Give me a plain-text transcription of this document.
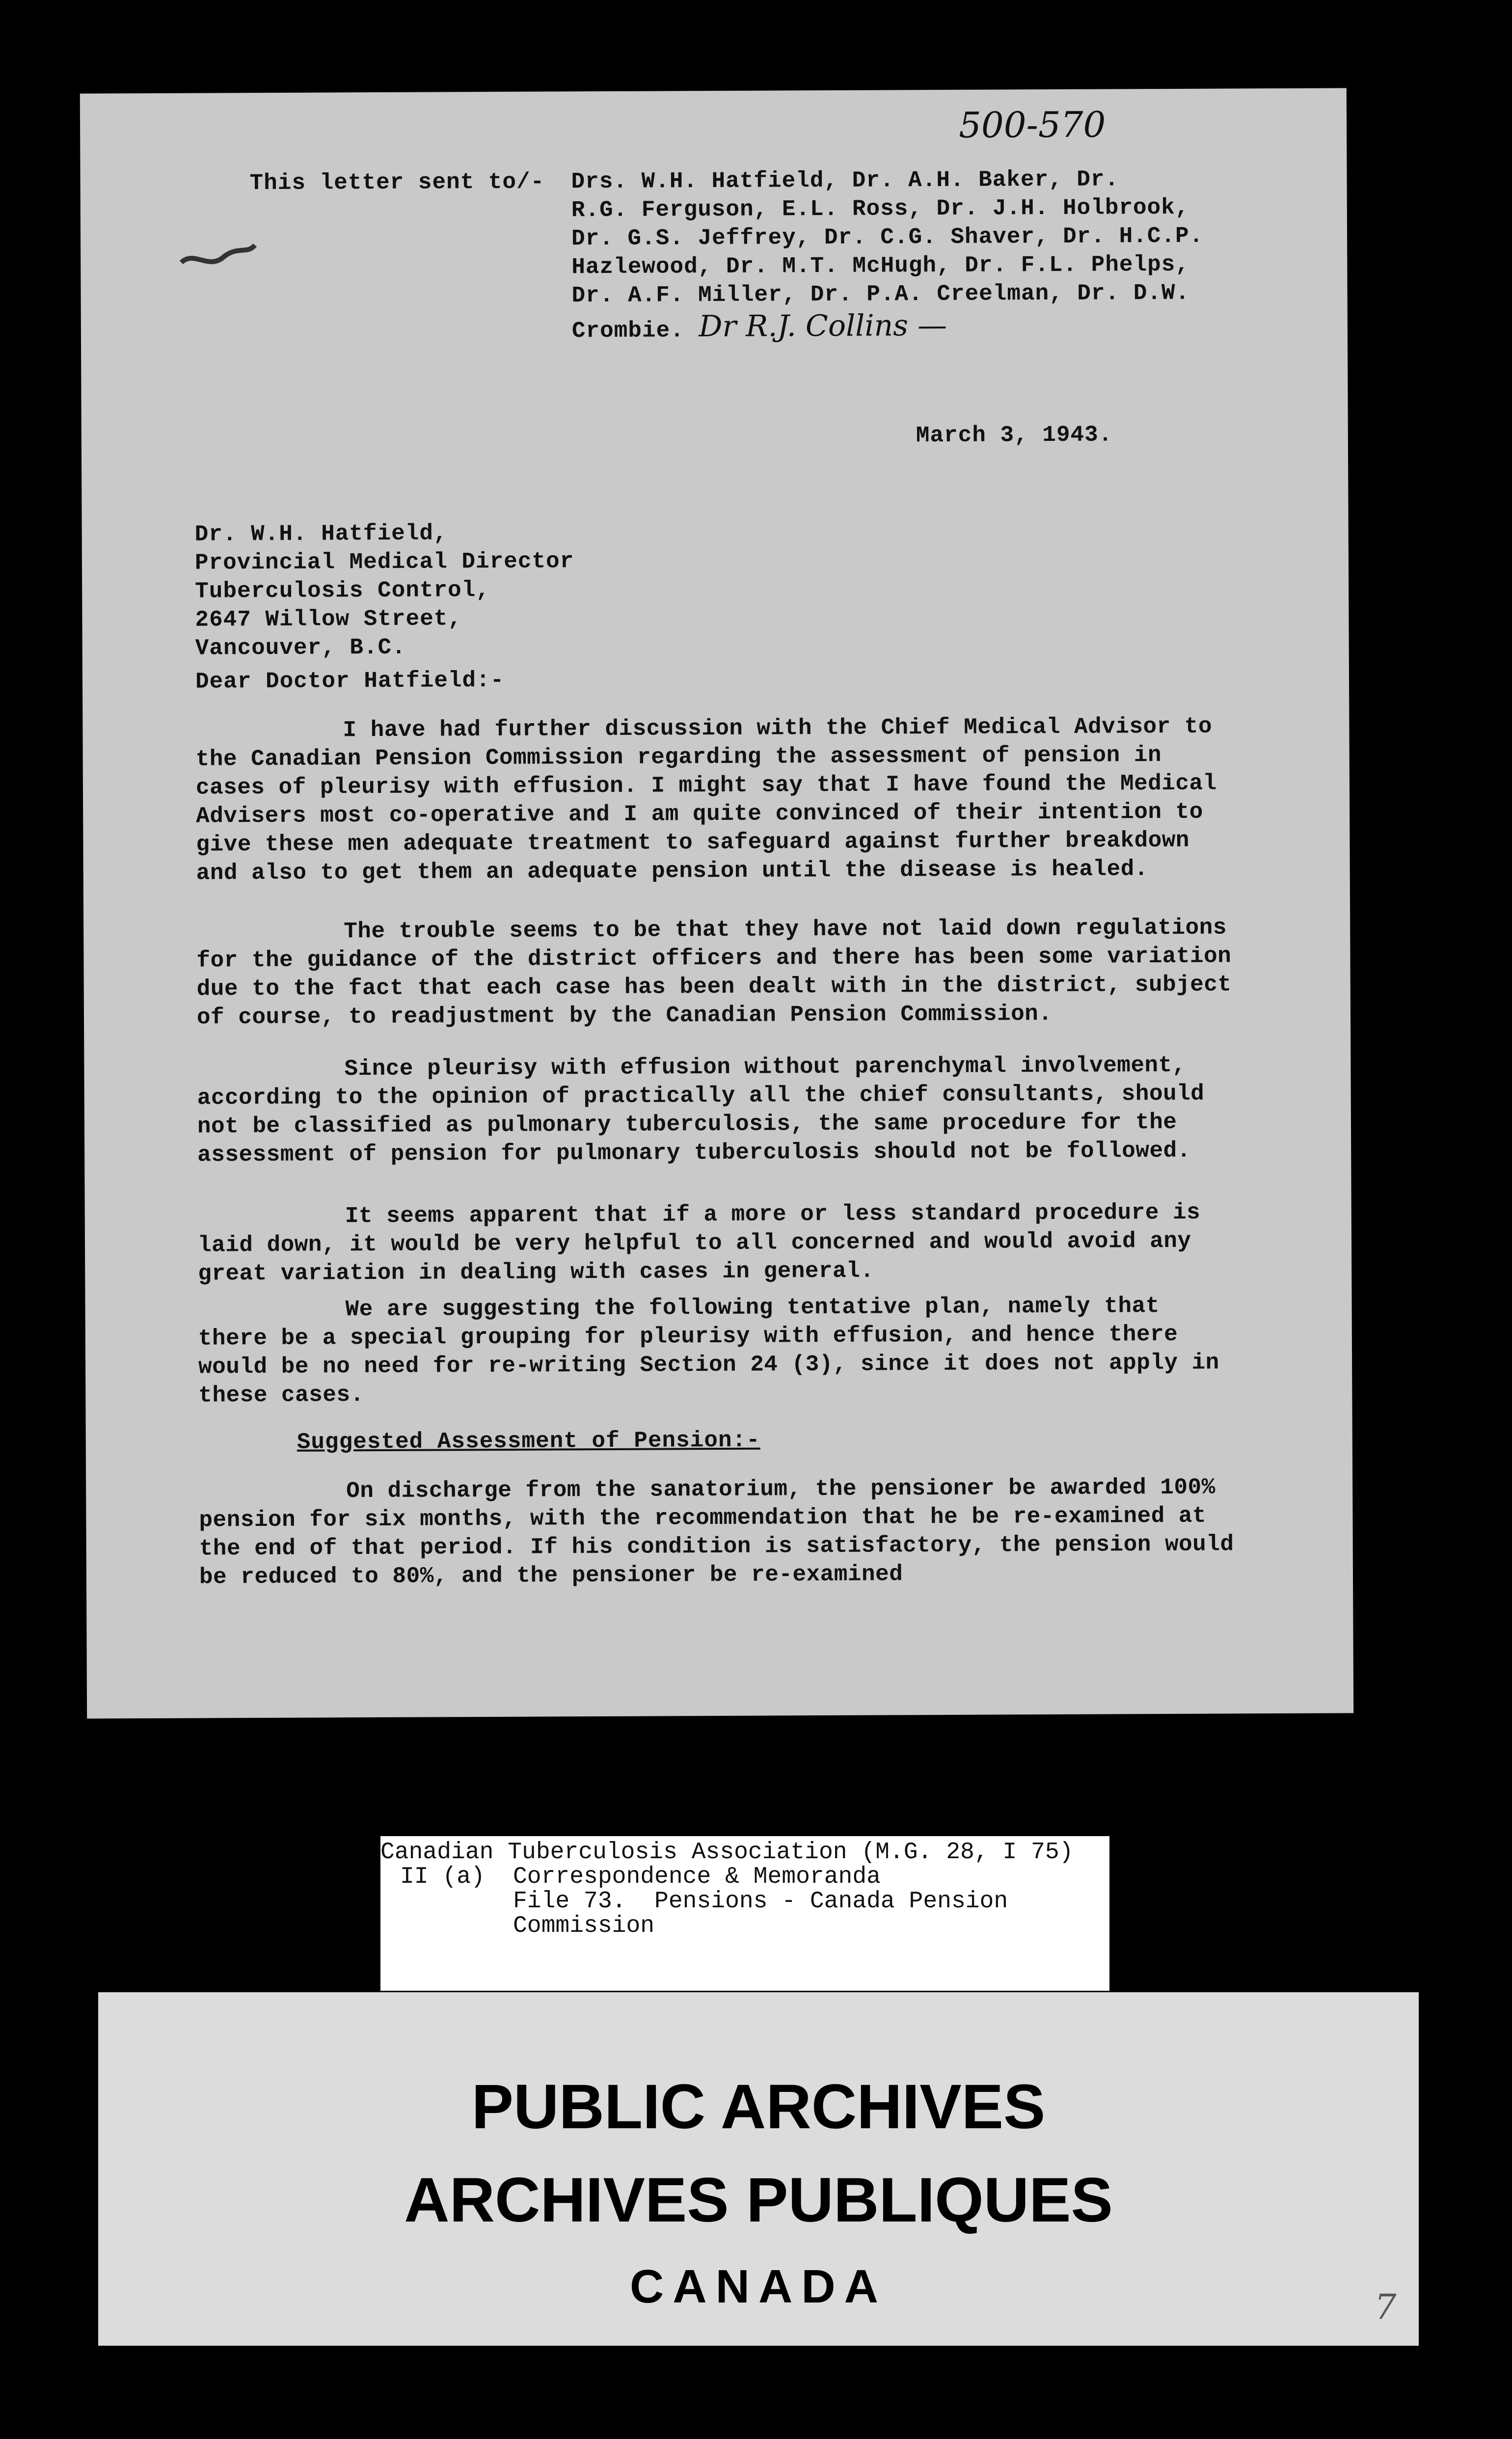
500-570
This letter sent to/- Drs. W.H. Hatfield, Dr. A.H. Baker, Dr.
R.G. Ferguson, E.L. Ross, Dr. J.H. Holbrook,
Dr. G.S. Jeffrey, Dr. C.G. Shaver, Dr. H.C.P.
Hazlewood, Dr. M.T. McHugh, Dr. F.L. Phelps,
Dr. A.F. Miller, Dr. P.A. Creelman, Dr. D.W.
Crombie. Dr R.J. Collins —
March 3, 1943.
Dr. W.H. Hatfield,
Provincial Medical Director
Tuberculosis Control,
2647 Willow Street,
Vancouver, B.C.
Dear Doctor Hatfield:-
I have had further discussion with the Chief Medical Advisor to the Canadian Pension Commission regarding the assessment of pension in cases of pleurisy with effusion. I might say that I have found the Medical Advisers most co-operative and I am quite convinced of their intention to give these men adequate treatment to safeguard against further breakdown and also to get them an adequate pension until the disease is healed.
The trouble seems to be that they have not laid down regulations for the guidance of the district officers and there has been some variation due to the fact that each case has been dealt with in the district, subject of course, to readjustment by the Canadian Pension Commission.
Since pleurisy with effusion without parenchymal involvement, according to the opinion of practically all the chief consultants, should not be classified as pulmonary tuberculosis, the same procedure for the assessment of pension for pulmonary tuberculosis should not be followed.
It seems apparent that if a more or less standard procedure is laid down, it would be very helpful to all concerned and would avoid any great variation in dealing with cases in general.
We are suggesting the following tentative plan, namely that there be a special grouping for pleurisy with effusion, and hence there would be no need for re-writing Section 24 (3), since it does not apply in these cases.
Suggested Assessment of Pension:-
On discharge from the sanatorium, the pensioner be awarded 100% pension for six months, with the recommendation that he be re-examined at the end of that period. If his condition is satisfactory, the pension would be reduced to 80%, and the pensioner be re-examined
Canadian Tuberculosis Association (M.G. 28, I 75)
II (a) Correspondence & Memoranda
File 73.  Pensions - Canada Pension
Commission
PUBLIC ARCHIVES
ARCHIVES PUBLIQUES
CANADA	7
